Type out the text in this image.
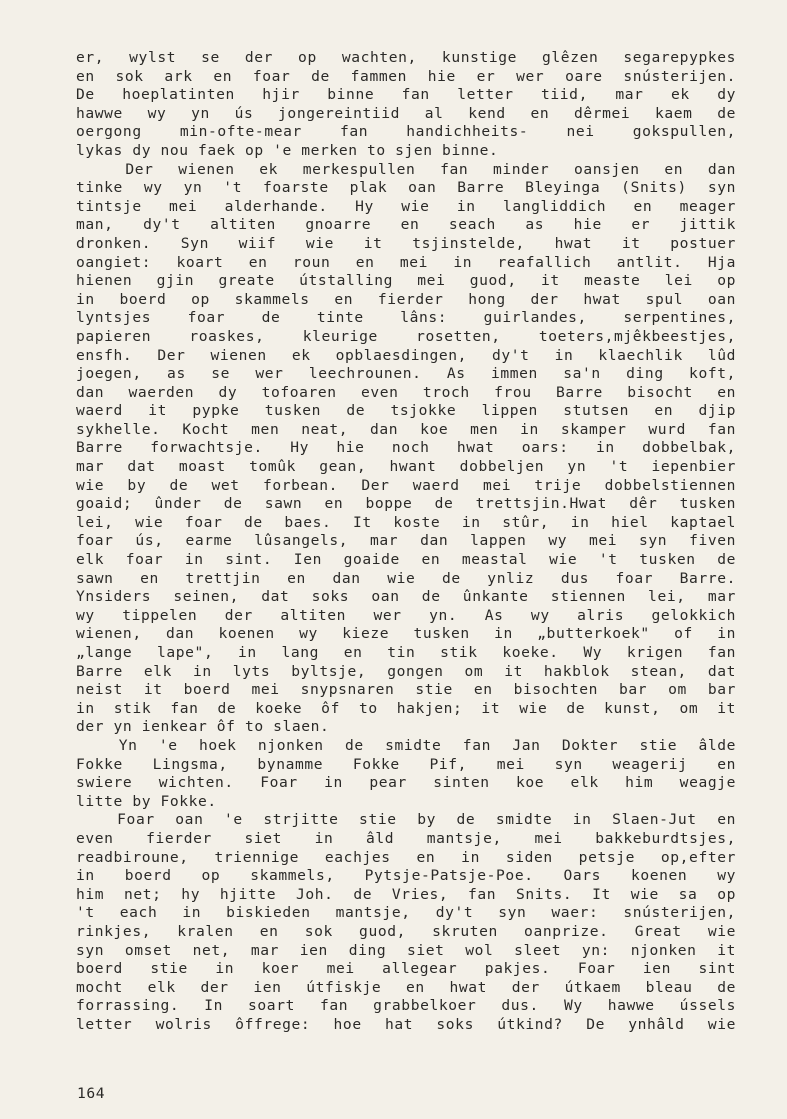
er, wylst se der op wachten, kunstige glêzen segarepypkes
en sok ark en foar de fammen hie er wer oare snústerijen.
De hoeplatinten hjir binne fan letter tiid, mar ek dy
hawwe wy yn ús jongereintiid al kend en dêrmei kaem de
oergong min-ofte-mear fan handichheits- nei gokspullen,
lykas dy nou faek op 'e merken to sjen binne.
Der wienen ek merkespullen fan minder oansjen en dan
tinke wy yn 't foarste plak oan Barre Bleyinga (Snits) syn
tintsje mei alderhande. Hy wie in langliddich en meager
man, dy't altiten gnoarre en seach as hie er jittik
dronken. Syn wiif wie it tsjinstelde, hwat it postuer
oangiet: koart en roun en mei in reafallich antlit. Hja
hienen gjin greate útstalling mei guod, it measte lei op
in boerd op skammels en fierder hong der hwat spul oan
lyntsjes foar de tinte lâns: guirlandes, serpentines,
papieren roaskes, kleurige rosetten, toeters,mjêkbeestjes,
ensfh. Der wienen ek opblaesdingen, dy't in klaechlik lûd
joegen, as se wer leechrounen. As immen sa'n ding koft,
dan waerden dy tofoaren even troch frou Barre bisocht en
waerd it pypke tusken de tsjokke lippen stutsen en djip
sykhelle. Kocht men neat, dan koe men in skamper wurd fan
Barre forwachtsje. Hy hie noch hwat oars: in dobbelbak,
mar dat moast tomûk gean, hwant dobbeljen yn 't iepenbier
wie by de wet forbean. Der waerd mei trije dobbelstiennen
goaid; ûnder de sawn en boppe de trettsjin.Hwat dêr tusken
lei, wie foar de baes. It koste in stûr, in hiel kaptael
foar ús, earme lûsangels, mar dan lappen wy mei syn fiven
elk foar in sint. Ien goaide en meastal wie 't tusken de
sawn en trettjin en dan wie de ynliz dus foar Barre.
Ynsiders seinen, dat soks oan de ûnkante stiennen lei, mar
wy tippelen der altiten wer yn. As wy alris gelokkich
wienen, dan koenen wy kieze tusken in „butterkoek" of in
„lange lape", in lang en tin stik koeke. Wy krigen fan
Barre elk in lyts byltsje, gongen om it hakblok stean, dat
neist it boerd mei snypsnaren stie en bisochten bar om bar
in stik fan de koeke ôf to hakjen; it wie de kunst, om it
der yn ienkear ôf to slaen.
Yn 'e hoek njonken de smidte fan Jan Dokter stie âlde
Fokke Lingsma, bynamme Fokke Pif, mei syn weagerij en
swiere wichten. Foar in pear sinten koe elk him weagje
litte by Fokke.
Foar oan 'e strjitte stie by de smidte in Slaen-Jut en
even fierder siet in âld mantsje, mei bakkeburdtsjes,
readbiroune, triennige eachjes en in siden petsje op,efter
in boerd op skammels, Pytsje-Patsje-Poe. Oars koenen wy
him net; hy hjitte Joh. de Vries, fan Snits. It wie sa op
't each in biskieden mantsje, dy't syn waer: snústerijen,
rinkjes, kralen en sok guod, skruten oanprize. Great wie
syn omset net, mar ien ding siet wol sleet yn: njonken it
boerd stie in koer mei allegear pakjes. Foar ien sint
mocht elk der ien útfiskje en hwat der útkaem bleau de
forrassing. In soart fan grabbelkoer dus. Wy hawwe ússels
letter wolris ôffrege: hoe hat soks útkind? De ynhâld wie
164
